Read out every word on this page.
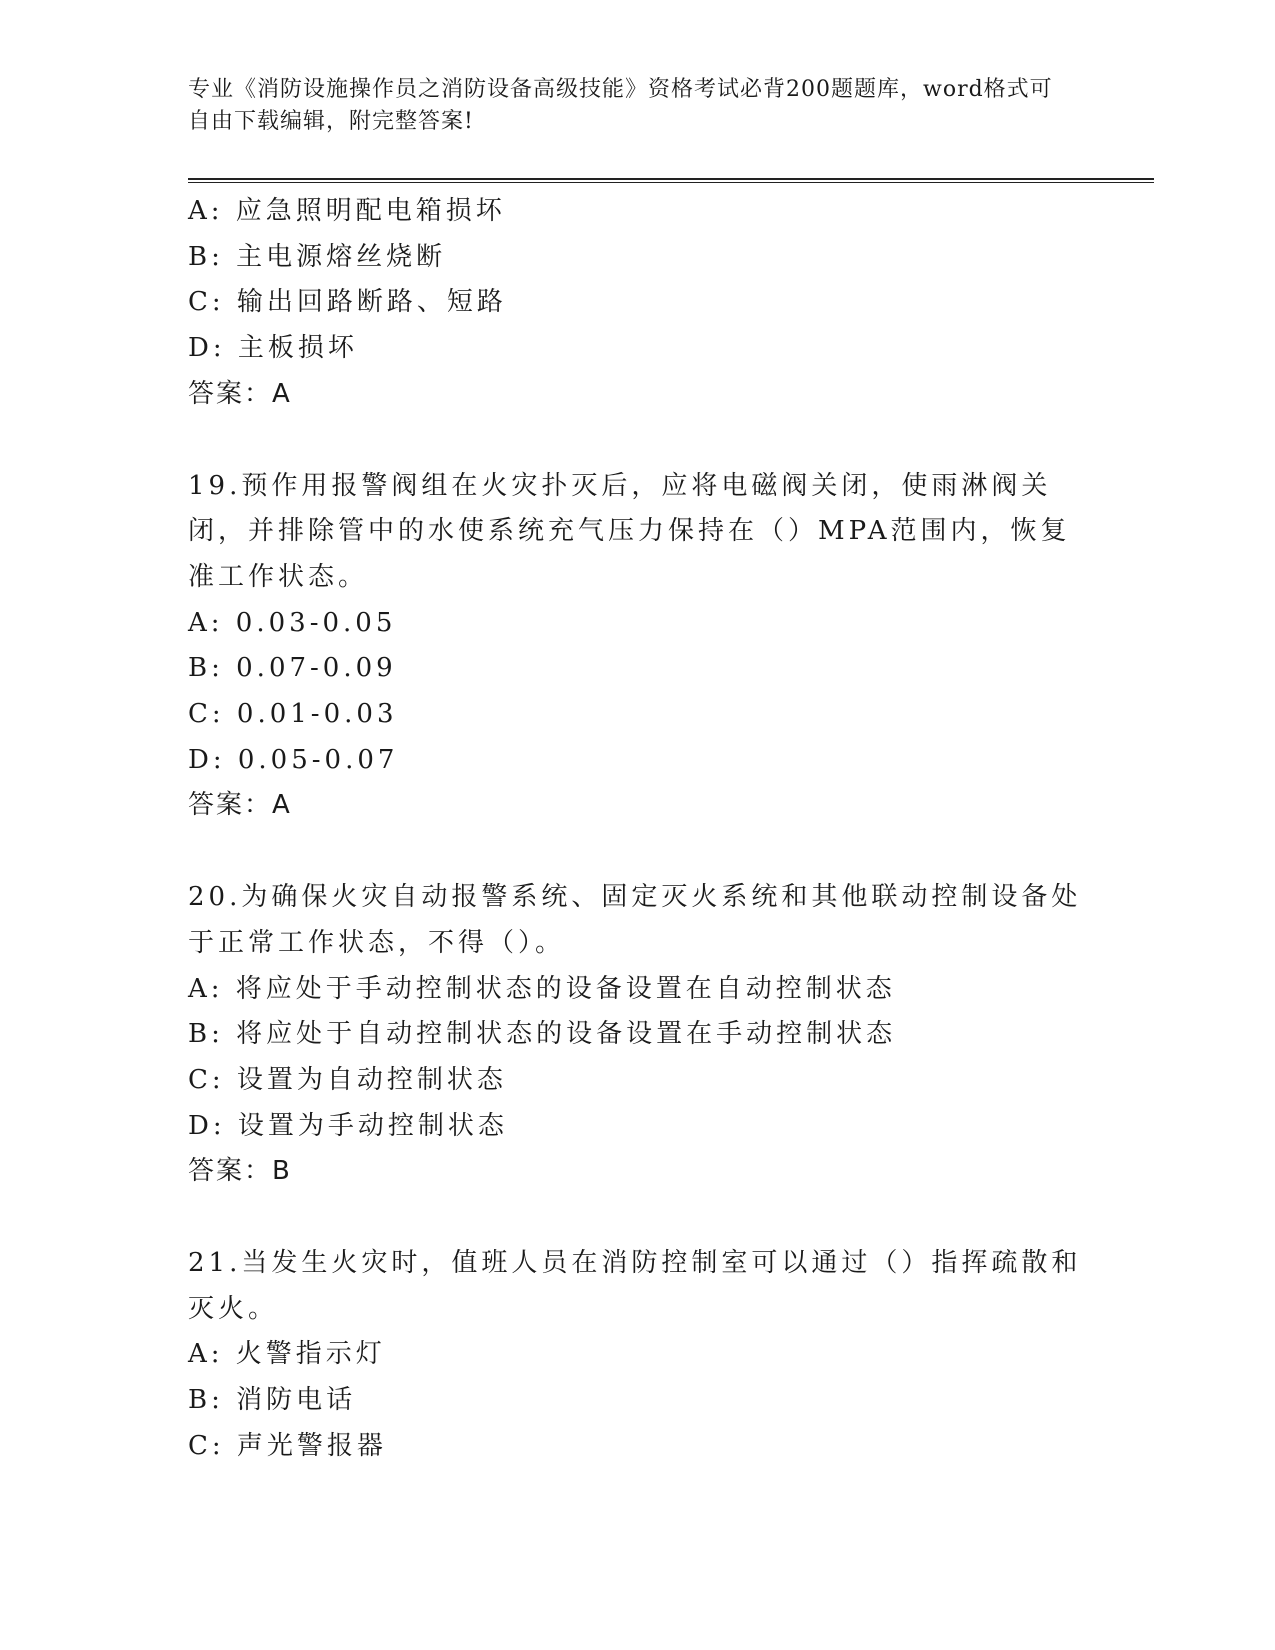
专业《消防设施操作员之消防设备高级技能》资格考试必背200题题库，word格式可自由下载编辑，附完整答案!
A: 应急照明配电箱损坏
B: 主电源熔丝烧断
C: 输出回路断路、短路
D: 主板损坏
答案：A
19.预作用报警阀组在火灾扑灭后，应将电磁阀关闭，使雨淋阀关闭，并排除管中的水使系统充气压力保持在（）MPA范围内，恢复准工作状态。
A: 0.03-0.05
B: 0.07-0.09
C: 0.01-0.03
D: 0.05-0.07
答案：A
20.为确保火灾自动报警系统、固定灭火系统和其他联动控制设备处于正常工作状态，不得（）。
A: 将应处于手动控制状态的设备设置在自动控制状态
B: 将应处于自动控制状态的设备设置在手动控制状态
C: 设置为自动控制状态
D: 设置为手动控制状态
答案：B
21.当发生火灾时，值班人员在消防控制室可以通过（）指挥疏散和灭火。
A: 火警指示灯
B: 消防电话
C: 声光警报器
